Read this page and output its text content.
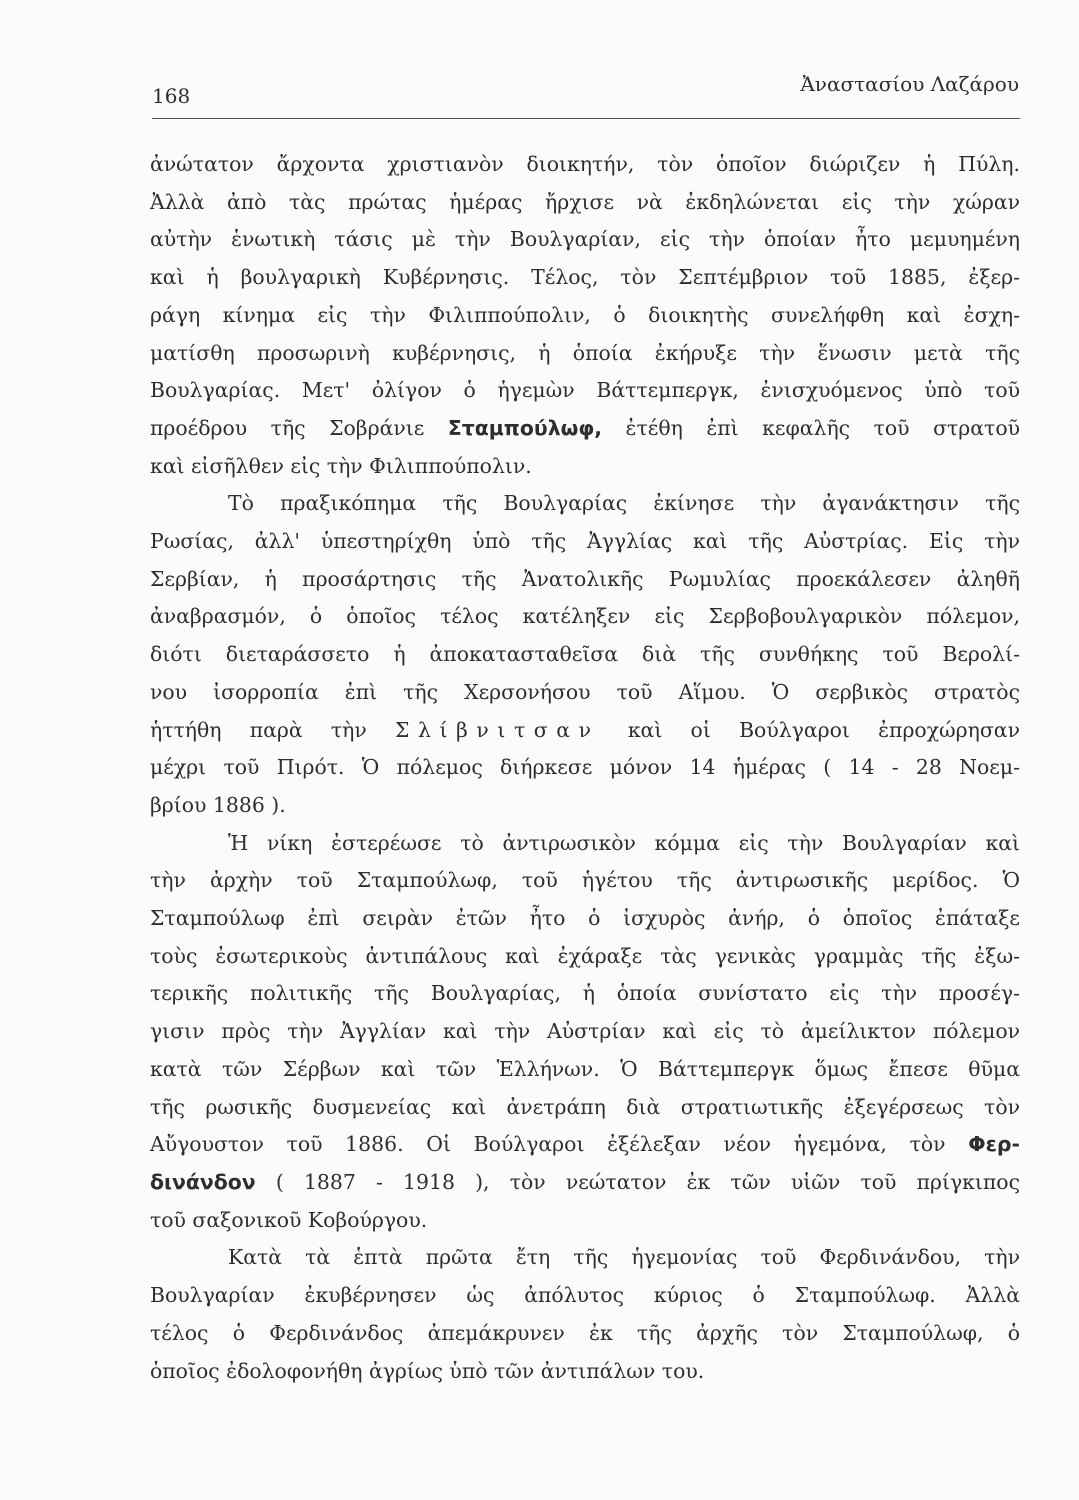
168	Ἀναστασίου Λαζάρου
ἀνώτατον ἄρχοντα χριστιανὸν διοικητήν, τὸν ὁποῖον διώριζεν ἡ Πύλη.
Ἀλλὰ ἀπὸ τὰς πρώτας ἡμέρας ἤρχισε νὰ ἐκδηλώνεται εἰς τὴν χώραν
αὐτὴν ἑνωτικὴ τάσις μὲ τὴν Βουλγαρίαν, εἰς τὴν ὁποίαν ἦτο μεμυημένη
καὶ ἡ βουλγαρικὴ Κυβέρνησις. Τέλος, τὸν Σεπτέμβριον τοῦ 1885, ἐξερ-
ράγη κίνημα εἰς τὴν Φιλιππούπολιν, ὁ διοικητὴς συνελήφθη καὶ ἐσχη-
ματίσθη προσωρινὴ κυβέρνησις, ἡ ὁποία ἐκήρυξε τὴν ἕνωσιν μετὰ τῆς
Βουλγαρίας. Μετ' ὀλίγον ὁ ἡγεμὼν Βάττεμπεργκ, ἐνισχυόμενος ὑπὸ τοῦ
προέδρου τῆς Σοβράνιε Σταμπούλωφ, ἐτέθη ἐπὶ κεφαλῆς τοῦ στρατοῦ
καὶ εἰσῆλθεν εἰς τὴν Φιλιππούπολιν.
Τὸ πραξικόπημα τῆς Βουλγαρίας ἐκίνησε τὴν ἀγανάκτησιν τῆς
Ρωσίας, ἀλλ' ὑπεστηρίχθη ὑπὸ τῆς Ἀγγλίας καὶ τῆς Αὐστρίας. Εἰς τὴν
Σερβίαν, ἡ προσάρτησις τῆς Ἀνατολικῆς Ρωμυλίας προεκάλεσεν ἀληθῆ
ἀναβρασμόν, ὁ ὁποῖος τέλος κατέληξεν εἰς Σερβοβουλγαρικὸν πόλεμον,
διότι διεταράσσετο ἡ ἀποκατασταθεῖσα διὰ τῆς συνθήκης τοῦ Βερολί-
νου ἰσορροπία ἐπὶ τῆς Χερσονήσου τοῦ Αἵμου. Ὁ σερβικὸς στρατὸς
ἡττήθη παρὰ τὴν Σλίβνιτσαν καὶ οἱ Βούλγαροι ἐπροχώρησαν
μέχρι τοῦ Πιρότ. Ὁ πόλεμος διήρκεσε μόνον 14 ἡμέρας ( 14 - 28 Νοεμ-
βρίου 1886 ).
Ἡ νίκη ἐστερέωσε τὸ ἀντιρωσικὸν κόμμα εἰς τὴν Βουλγαρίαν καὶ
τὴν ἀρχὴν τοῦ Σταμπούλωφ, τοῦ ἡγέτου τῆς ἀντιρωσικῆς μερίδος. Ὁ
Σταμπούλωφ ἐπὶ σειρὰν ἐτῶν ἦτο ὁ ἰσχυρὸς ἀνήρ, ὁ ὁποῖος ἐπάταξε
τοὺς ἐσωτερικοὺς ἀντιπάλους καὶ ἐχάραξε τὰς γενικὰς γραμμὰς τῆς ἐξω-
τερικῆς πολιτικῆς τῆς Βουλγαρίας, ἡ ὁποία συνίστατο εἰς τὴν προσέγ-
γισιν πρὸς τὴν Ἀγγλίαν καὶ τὴν Αὐστρίαν καὶ εἰς τὸ ἀμείλικτον πόλεμον
κατὰ τῶν Σέρβων καὶ τῶν Ἑλλήνων. Ὁ Βάττεμπεργκ ὅμως ἔπεσε θῦμα
τῆς ρωσικῆς δυσμενείας καὶ ἀνετράπη διὰ στρατιωτικῆς ἐξεγέρσεως τὸν
Αὔγουστον τοῦ 1886. Οἱ Βούλγαροι ἐξέλεξαν νέον ἡγεμόνα, τὸν Φερ-
δινάνδον ( 1887 - 1918 ), τὸν νεώτατον ἐκ τῶν υἱῶν τοῦ πρίγκιπος
τοῦ σαξονικοῦ Κοβούργου.
Κατὰ τὰ ἑπτὰ πρῶτα ἔτη τῆς ἡγεμονίας τοῦ Φερδινάνδου, τὴν
Βουλγαρίαν ἐκυβέρνησεν ὡς ἀπόλυτος κύριος ὁ Σταμπούλωφ. Ἀλλὰ
τέλος ὁ Φερδινάνδος ἀπεμάκρυνεν ἐκ τῆς ἀρχῆς τὸν Σταμπούλωφ, ὁ
ὁποῖος ἐδολοφονήθη ἀγρίως ὑπὸ τῶν ἀντιπάλων του.
